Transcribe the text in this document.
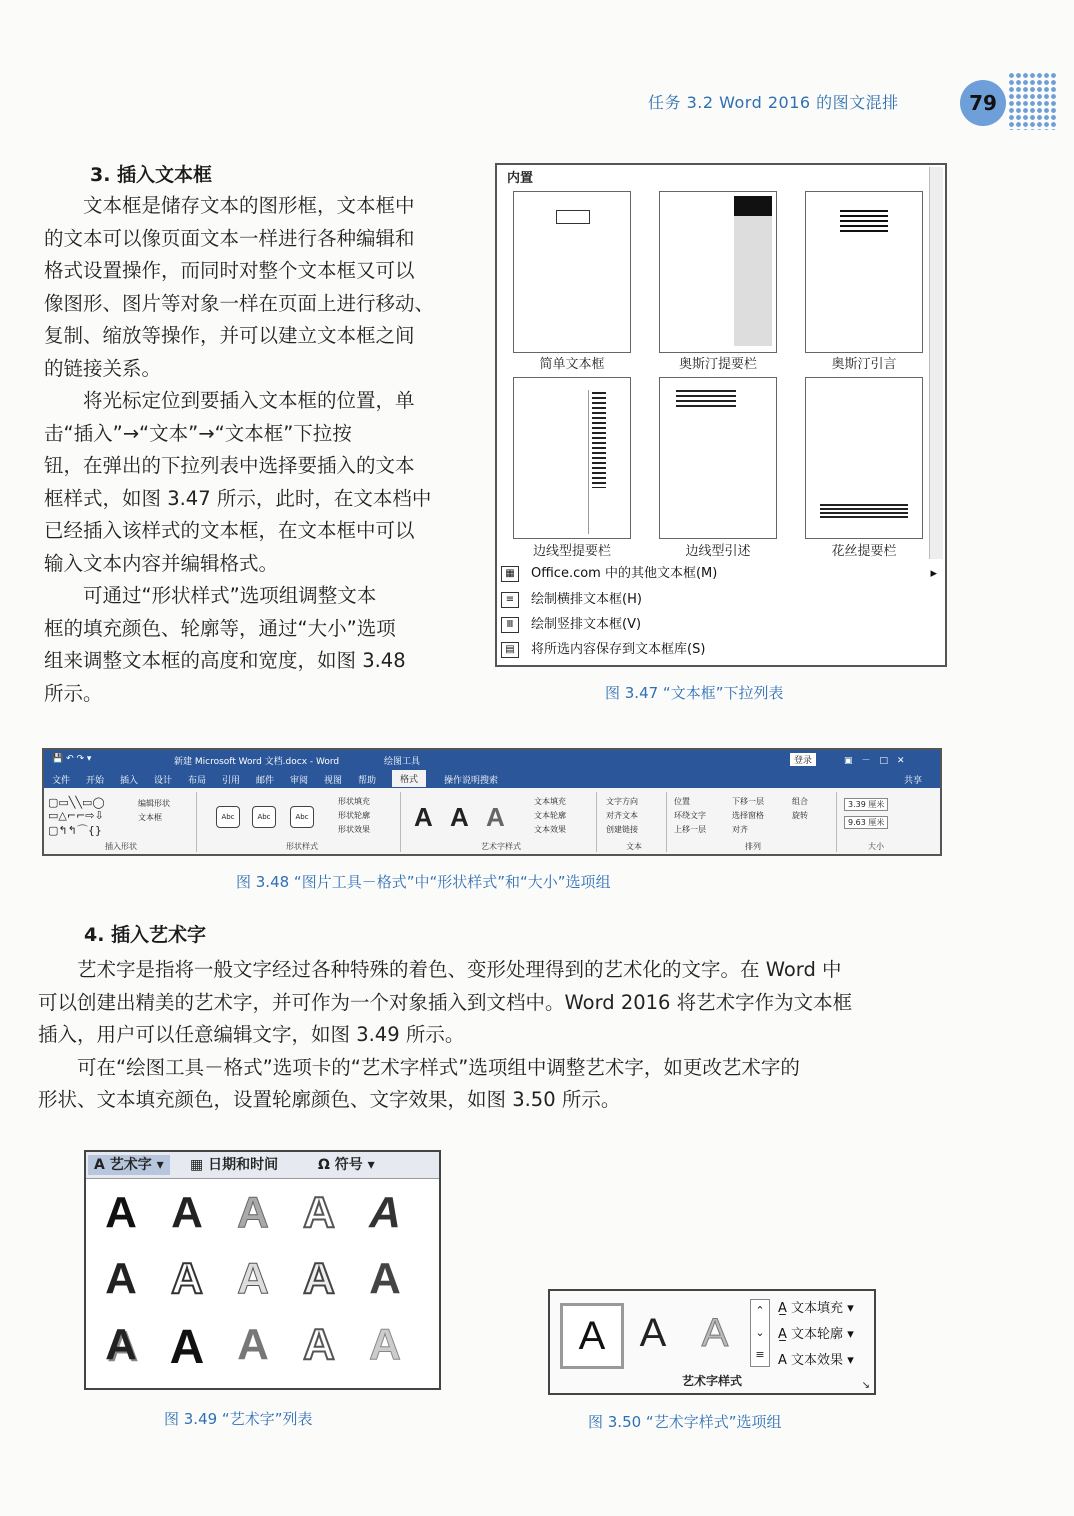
任务 3.2 Word 2016 的图文混排	79
3. 插入文本框
　　文本框是储存文本的图形框，文本框中
的文本可以像页面文本一样进行各种编辑和
格式设置操作，而同时对整个文本框又可以
像图形、图片等对象一样在页面上进行移动、
复制、缩放等操作，并可以建立文本框之间
的链接关系。
　　将光标定位到要插入文本框的位置，单
击“插入”→“文本”→“文本框”下拉按
钮，在弹出的下拉列表中选择要插入的文本
框样式，如图 3.47 所示，此时，在文本档中
已经插入该样式的文本框，在文本框中可以
输入文本内容并编辑格式。
　　可通过“形状样式”选项组调整文本
框的填充颜色、轮廓等，通过“大小”选项
组来调整文本框的高度和宽度，如图 3.48
所示。
内置
简单文本框	奥斯汀提要栏	奥斯汀引言
边线型提要栏	边线型引述	花丝提要栏
▦ Office.com 中的其他文本框(M)	▸
≡ 绘制横排文本框(H)
Ⅲ 绘制竖排文本框(V)
▤ 将所选内容保存到文本框库(S)
图 3.47 “文本框”下拉列表
💾 ↶ ↷ ▾	新建 Microsoft Word 文档.docx - Word	绘图工具	登录	▣　－　□　✕
文件 开始 插入 设计 布局 引用 邮件 审阅 视图 帮助	格式	操作说明搜索	共享
▢▭╲╲▭◯
▭△⌐⌐⇨⇩
▢↰↰⌒{}
编辑形状
文本框
插入形状
Abc	Abc	Abc
形状填充
形状轮廓
形状效果
形状样式
A A A
文本填充
文本轮廓
文本效果
艺术字样式
文字方向
对齐文本
创建链接
文本
位置
环绕文字
上移一层
下移一层
选择窗格
对齐
组合
旋转
排列
3.39 厘米
9.63 厘米
大小
图 3.48 “图片工具－格式”中“形状样式”和“大小”选项组
4. 插入艺术字
　　艺术字是指将一般文字经过各种特殊的着色、变形处理得到的艺术化的文字。在 Word 中
可以创建出精美的艺术字，并可作为一个对象插入到文档中。Word 2016 将艺术字作为文本框
插入，用户可以任意编辑文字，如图 3.49 所示。
　　可在“绘图工具－格式”选项卡的“艺术字样式”选项组中调整艺术字，如更改艺术字的
形状、文本填充颜色，设置轮廓颜色、文字效果，如图 3.50 所示。
A 艺术字 ▾	▦ 日期和时间	Ω 符号 ▾
A A A A A
A A A A A
A A A A A
图 3.49 “艺术字”列表
A A A
⌃
⌄
≡
A̲ 文本填充 ▾
A̲ 文本轮廓 ▾
A 文本效果 ▾
艺术字样式	↘
图 3.50 “艺术字样式”选项组
